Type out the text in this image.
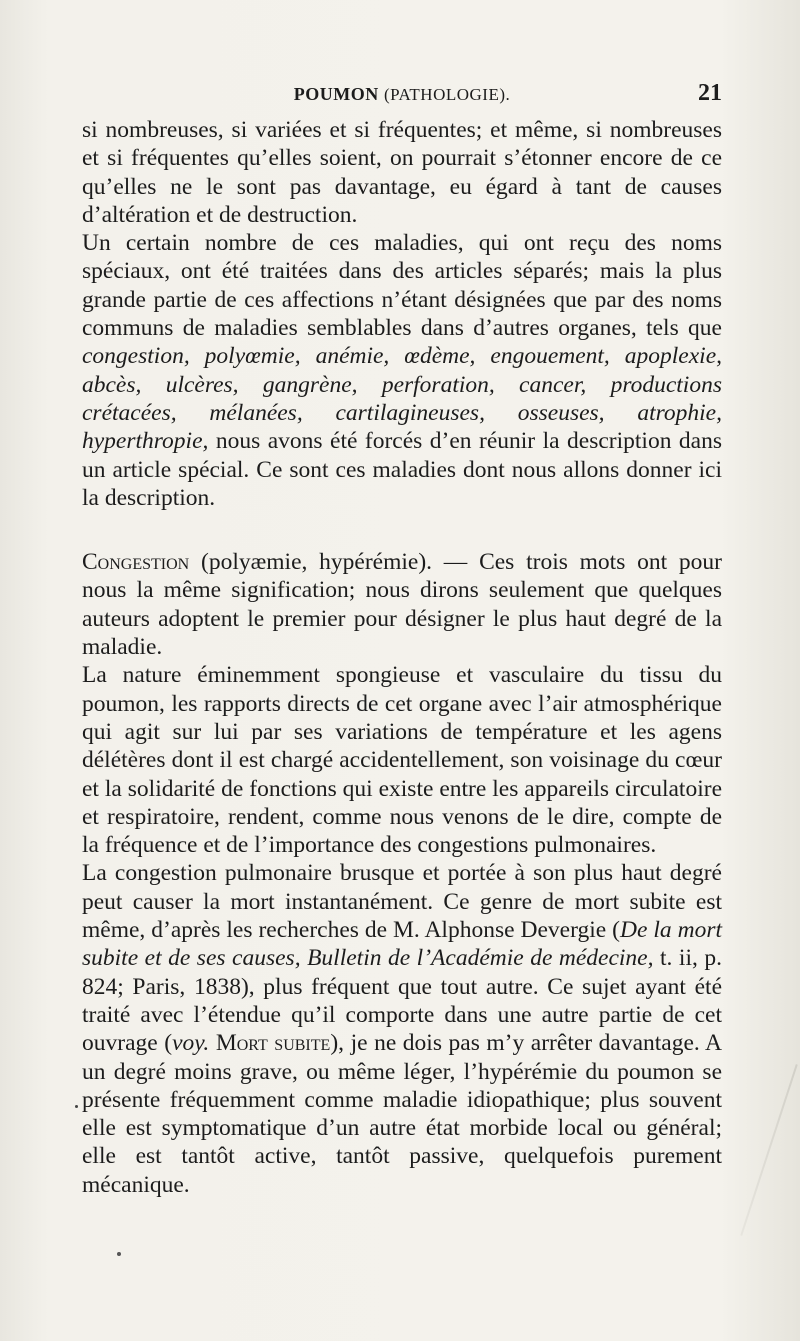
POUMON (PATHOLOGIE).	21

si nombreuses, si variées et si fréquentes; et même, si nombreuses et si fréquentes qu’elles soient, on pourrait s’étonner encore de ce qu’elles ne le sont pas davantage, eu égard à tant de causes d’altération et de destruction.

Un certain nombre de ces maladies, qui ont reçu des noms spéciaux, ont été traitées dans des articles séparés; mais la plus grande partie de ces affections n’étant désignées que par des noms communs de maladies semblables dans d’autres organes, tels que congestion, polyœmie, anémie, œdème, engouement, apoplexie, abcès, ulcères, gangrène, perforation, cancer, productions crétacées, mélanées, cartilagineuses, osseuses, atrophie, hyperthropie, nous avons été forcés d’en réunir la description dans un article spécial. Ce sont ces maladies dont nous allons donner ici la description.

Congestion (polyæmie, hypérémie). — Ces trois mots ont pour nous la même signification; nous dirons seulement que quelques auteurs adoptent le premier pour désigner le plus haut degré de la maladie.

La nature éminemment spongieuse et vasculaire du tissu du poumon, les rapports directs de cet organe avec l’air atmosphérique qui agit sur lui par ses variations de température et les agens délétères dont il est chargé accidentellement, son voisinage du cœur et la solidarité de fonctions qui existe entre les appareils circulatoire et respiratoire, rendent, comme nous venons de le dire, compte de la fréquence et de l’importance des congestions pulmonaires.

La congestion pulmonaire brusque et portée à son plus haut degré peut causer la mort instantanément. Ce genre de mort subite est même, d’après les recherches de M. Alphonse Devergie (De la mort subite et de ses causes, Bulletin de l’Académie de médecine, t. ii, p. 824; Paris, 1838), plus fréquent que tout autre. Ce sujet ayant été traité avec l’étendue qu’il comporte dans une autre partie de cet ouvrage (voy. Mort subite), je ne dois pas m’y arrêter davantage. A un degré moins grave, ou même léger, l’hypérémie du poumon se présente fréquemment comme maladie idiopathique; plus souvent elle est symptomatique d’un autre état morbide local ou général; elle est tantôt active, tantôt passive, quelquefois purement mécanique.
